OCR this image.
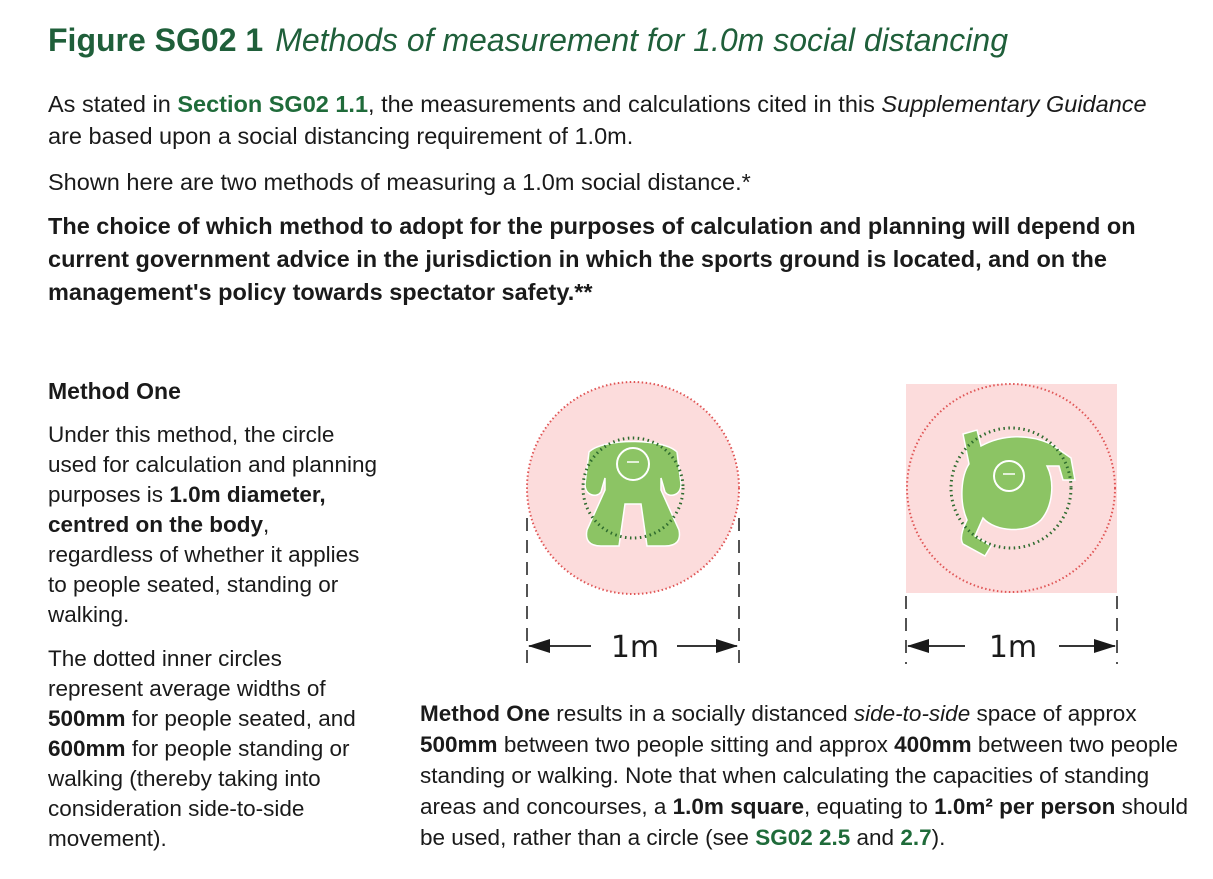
Figure SG02 1 Methods of measurement for 1.0m social distancing

As stated in Section SG02 1.1, the measurements and calculations cited in this Supplementary Guidance are based upon a social distancing requirement of 1.0m.

Shown here are two methods of measuring a 1.0m social distance.*

The choice of which method to adopt for the purposes of calculation and planning will depend on current government advice in the jurisdiction in which the sports ground is located, and on the management's policy towards spectator safety.**

Method One

Under this method, the circle used for calculation and planning purposes is 1.0m diameter, centred on the body, regardless of whether it applies to people seated, standing or walking.

The dotted inner circles represent average widths of 500mm for people seated, and 600mm for people standing or walking (thereby taking into consideration side-to-side movement).

1m	1m

Method One results in a socially distanced side-to-side space of approx 500mm between two people sitting and approx 400mm between two people standing or walking. Note that when calculating the capacities of standing areas and concourses, a 1.0m square, equating to 1.0m² per person should be used, rather than a circle (see SG02 2.5 and 2.7).
